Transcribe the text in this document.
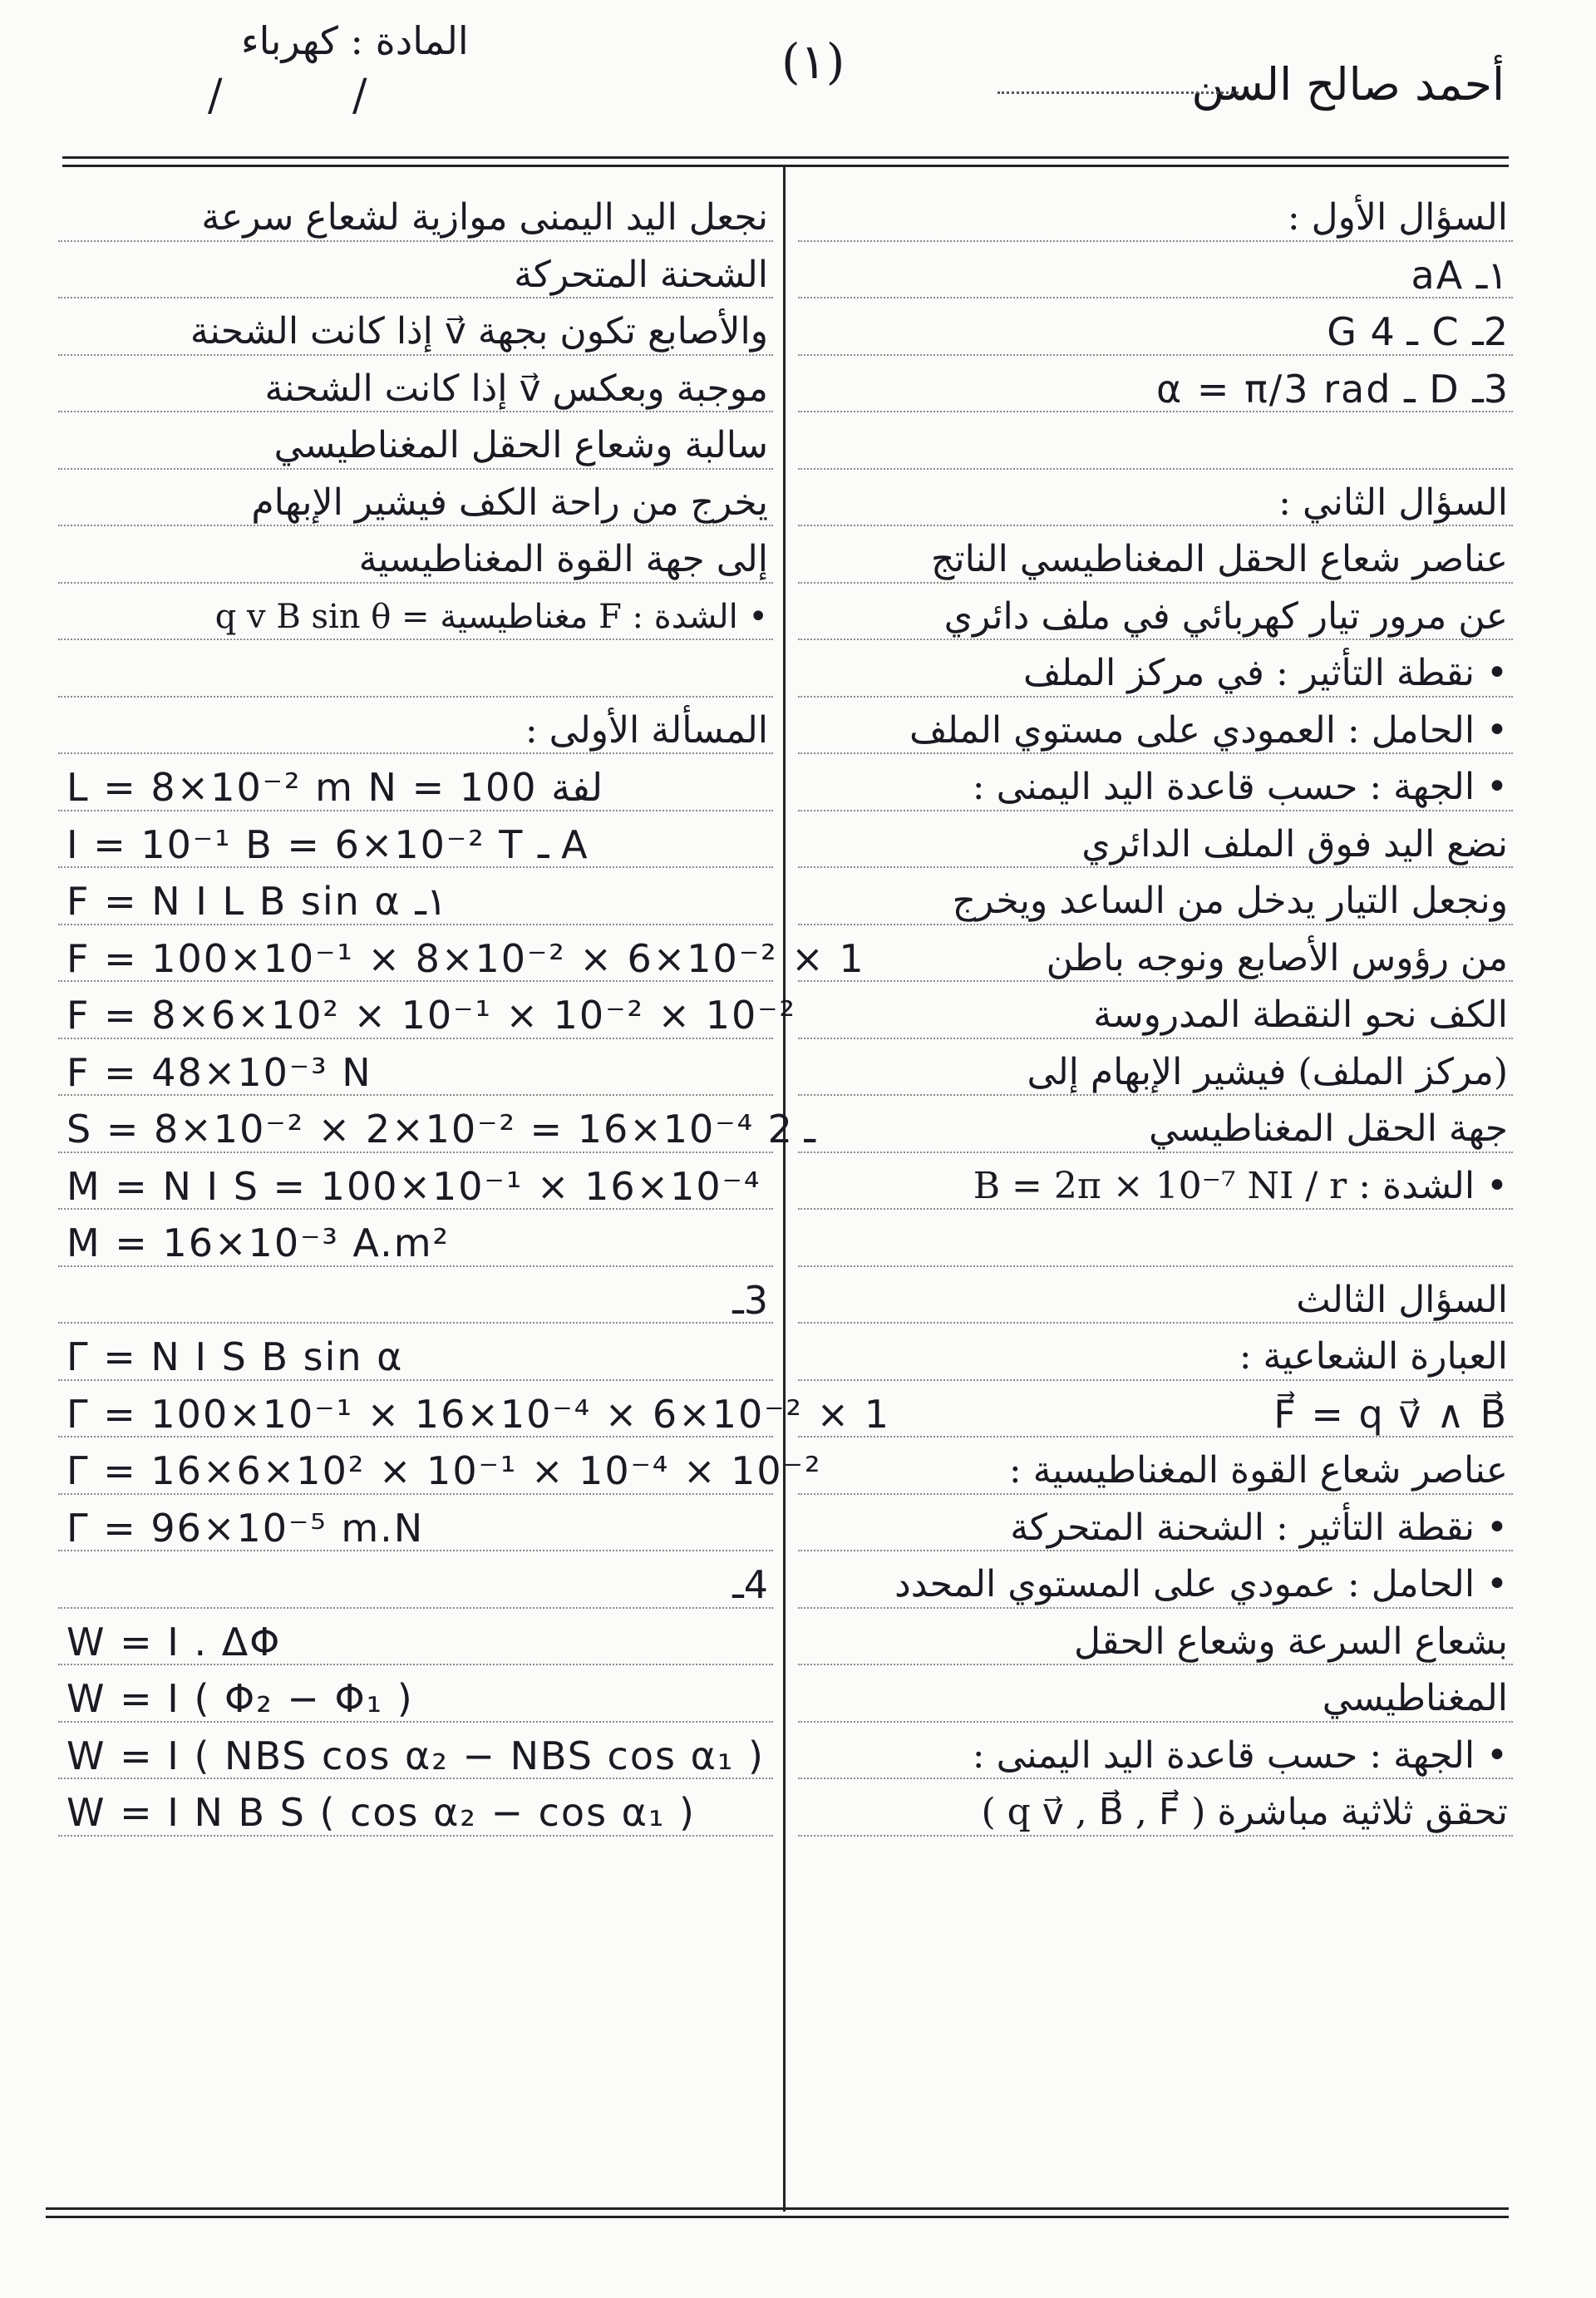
أحمد صالح السن
(١)
المادة : كهرباء
/ /
السؤال الأول :
١ـ aA
2ـ C ـ 4 G
3ـ D ـ α = π/3 rad
السؤال الثاني :
عناصر شعاع الحقل المغناطيسي الناتج
عن مرور تيار كهربائي في ملف دائري
• نقطة التأثير : في مركز الملف
• الحامل : العمودي على مستوي الملف
• الجهة : حسب قاعدة اليد اليمنى :
نضع اليد فوق الملف الدائري
ونجعل التيار يدخل من الساعد ويخرج
من رؤوس الأصابع ونوجه باطن
الكف نحو النقطة المدروسة
(مركز الملف) فيشير الإبهام إلى
جهة الحقل المغناطيسي
• الشدة : B = 2π × 10⁻⁷ NI / r
السؤال الثالث
العبارة الشعاعية :
F⃗ = q v⃗ ∧ B⃗
عناصر شعاع القوة المغناطيسية :
• نقطة التأثير : الشحنة المتحركة
• الحامل : عمودي على المستوي المحدد
بشعاع السرعة وشعاع الحقل
المغناطيسي
• الجهة : حسب قاعدة اليد اليمنى :
تحقق ثلاثية مباشرة ( q v⃗ , B⃗ , F⃗ )
نجعل اليد اليمنى موازية لشعاع سرعة
الشحنة المتحركة
والأصابع تكون بجهة v⃗ إذا كانت الشحنة
موجبة وبعكس v⃗ إذا كانت الشحنة
سالبة وشعاع الحقل المغناطيسي
يخرج من راحة الكف فيشير الإبهام
إلى جهة القوة المغناطيسية
• الشدة : F مغناطيسية = q v B sin θ
المسألة الأولى :
L = 8×10⁻² m N = 100 لفة
I = 10⁻¹ B = 6×10⁻² T ـ A
F = N I L B sin α ١ـ
F = 100×10⁻¹ × 8×10⁻² × 6×10⁻² × 1
F = 8×6×10² × 10⁻¹ × 10⁻² × 10⁻²
F = 48×10⁻³ N
S = 8×10⁻² × 2×10⁻² = 16×10⁻⁴ ـ 2
M = N I S = 100×10⁻¹ × 16×10⁻⁴
M = 16×10⁻³ A.m²
3ـ
Γ = N I S B sin α
Γ = 100×10⁻¹ × 16×10⁻⁴ × 6×10⁻² × 1
Γ = 16×6×10² × 10⁻¹ × 10⁻⁴ × 10⁻²
Γ = 96×10⁻⁵ m.N
4ـ
W = I . ΔΦ
W = I ( Φ₂ − Φ₁ )
W = I ( NBS cos α₂ − NBS cos α₁ )
W = I N B S ( cos α₂ − cos α₁ )
